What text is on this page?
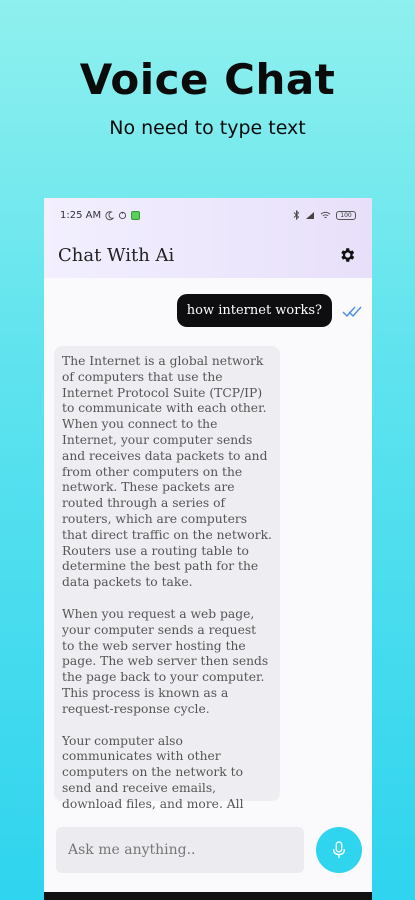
Voice Chat
No need to type text
1:25 AM	100
Chat With Ai
how internet works?

The Internet is a global network of computers that use the Internet Protocol Suite (TCP/IP) to communicate with each other. When you connect to the Internet, your computer sends and receives data packets to and from other computers on the network. These packets are routed through a series of routers, which are computers that direct traffic on the network. Routers use a routing table to determine the best path for the data packets to take.

When you request a web page, your computer sends a request to the web server hosting the page. The web server then sends the page back to your computer. This process is known as a request-response cycle.

Your computer also communicates with other computers on the network to send and receive emails, download files, and more. All

Ask me anything..
